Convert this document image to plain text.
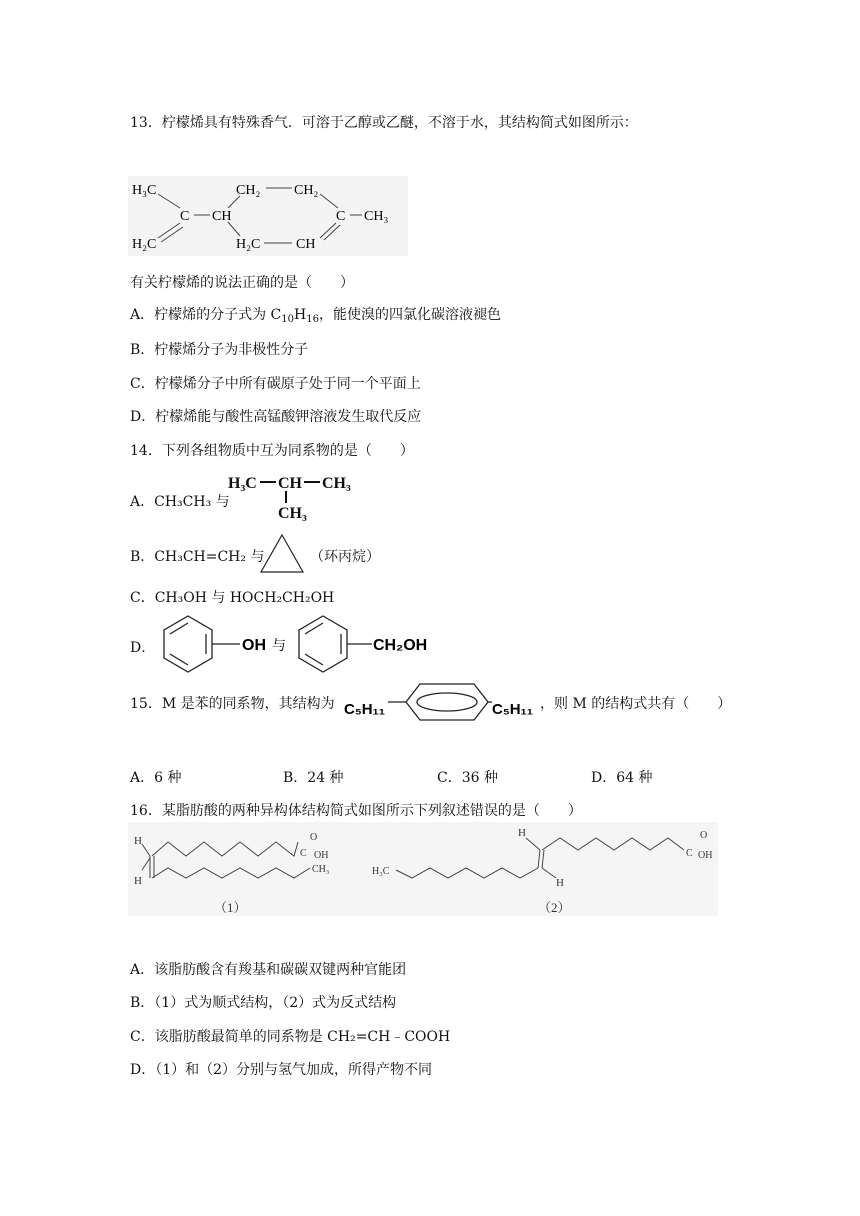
13．柠檬烯具有特殊香气．可溶于乙醇或乙醚，不溶于水，其结构简式如图所示：
H₃C
C CH
H₂C
CH₂ CH₂
C CH₃
H₂C	CH
有关柠檬烯的说法正确的是（　　）
A．柠檬烯的分子式为 $C_{10}H_{16}$，能使溴的四氯化碳溶液褪色
B．柠檬烯分子为非极性分子
C．柠檬烯分子中所有碳原子处于同一个平面上
D．柠檬烯能与酸性高锰酸钾溶液发生取代反应
14．下列各组物质中互为同系物的是（　　）
A．CH₃CH₃ 与
H₃C CH CH₃
CH₃
B．CH₃CH=CH₂ 与	（环丙烷）
C．CH₃OH 与 HOCH₂CH₂OH
D．	OH 与	CH₂OH
15．M 是苯的同系物，其结构为 C₅H₁₁	C₅H₁₁ ，则 M 的结构式共有（　　）
A．6 种	B．24 种	C．36 种	D．64 种
16．某脂肪酸的两种异构体结构简式如图所示下列叙述错误的是（　　）
H
H
C
O
OH
CH₃
（1）
H₃C
H
H
C
O
OH
（2）
A．该脂肪酸含有羧基和碳碳双键两种官能团
B．（1）式为顺式结构，（2）式为反式结构
C．该脂肪酸最简单的同系物是 CH₂=CH﹣COOH
D．（1）和（2）分别与氢气加成，所得产物不同
